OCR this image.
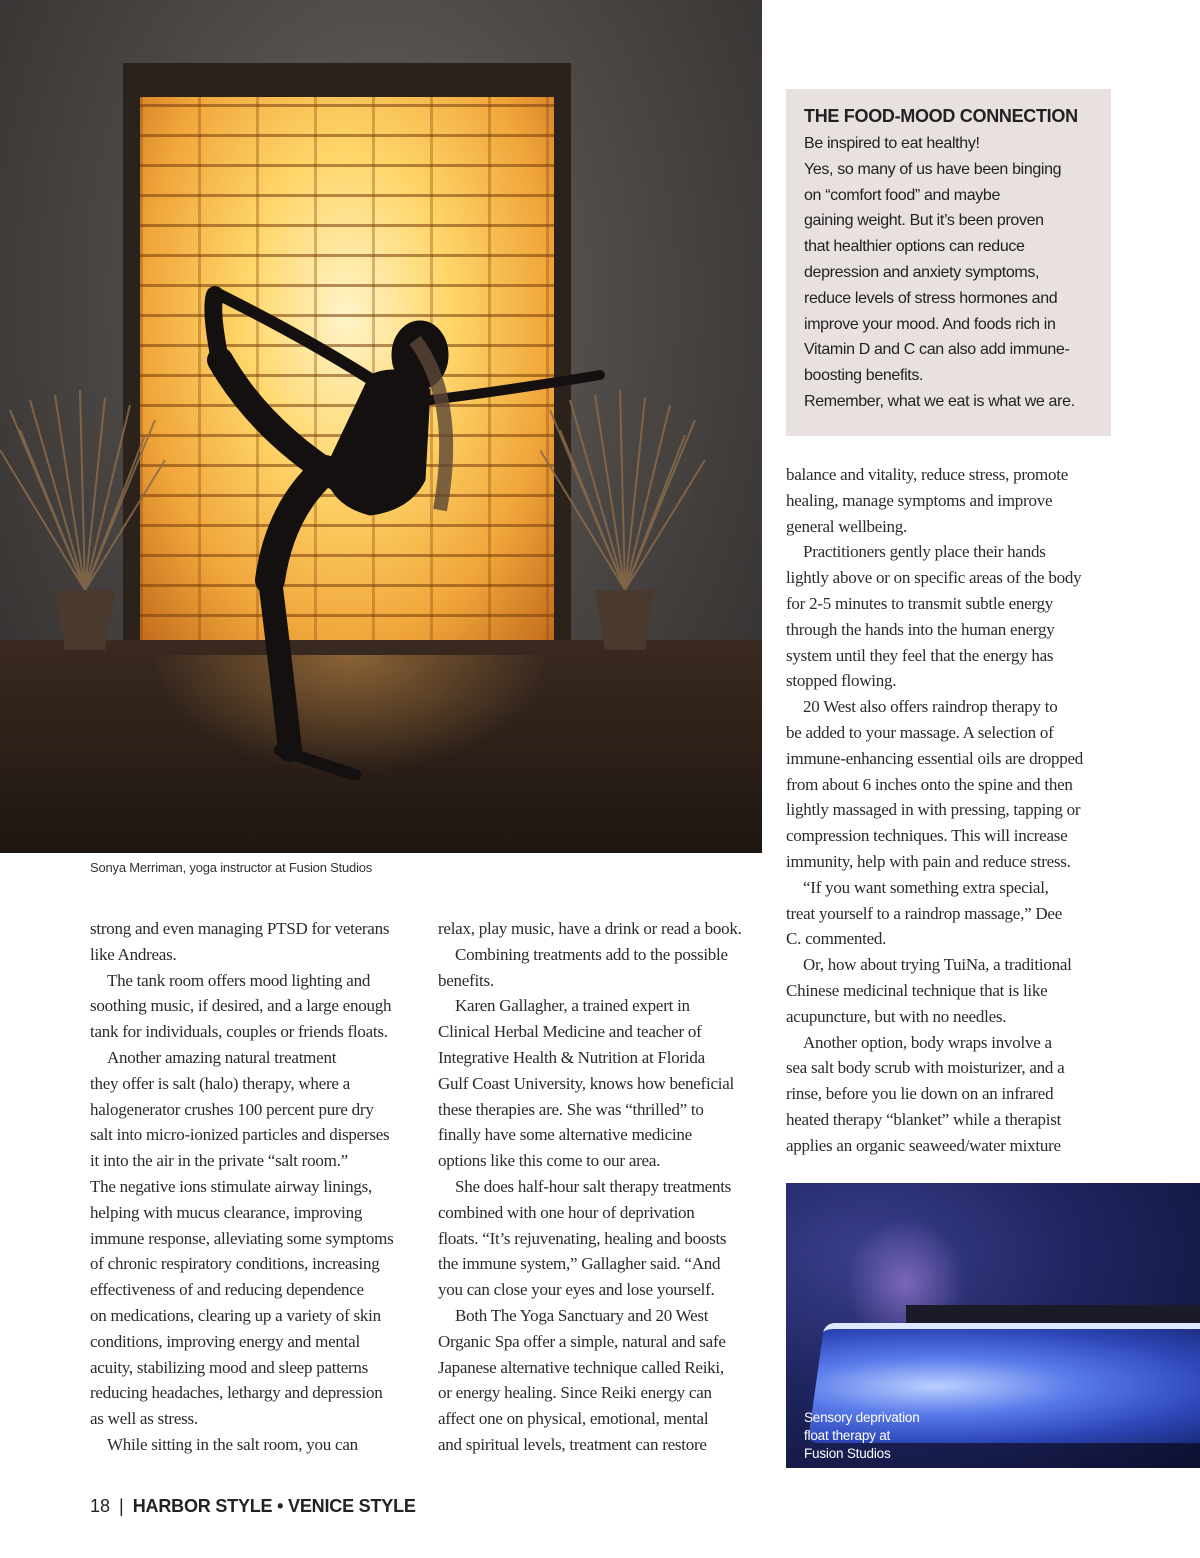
Sonya Merriman, yoga instructor at Fusion Studios
THE FOOD-MOOD CONNECTION
Be inspired to eat healthy!
Yes, so many of us have been binging
on “comfort food” and maybe
gaining weight. But it’s been proven
that healthier options can reduce
depression and anxiety symptoms,
reduce levels of stress hormones and
improve your mood. And foods rich in
Vitamin D and C can also add immune-
boosting benefits.
Remember, what we eat is what we are.
strong and even managing PTSD for veterans
like Andreas.
The tank room offers mood lighting and
soothing music, if desired, and a large enough
tank for individuals, couples or friends floats.
Another amazing natural treatment
they offer is salt (halo) therapy, where a
halogenerator crushes 100 percent pure dry
salt into micro-ionized particles and disperses
it into the air in the private “salt room.”
The negative ions stimulate airway linings,
helping with mucus clearance, improving
immune response, alleviating some symptoms
of chronic respiratory conditions, increasing
effectiveness of and reducing dependence
on medications, clearing up a variety of skin
conditions, improving energy and mental
acuity, stabilizing mood and sleep patterns
reducing headaches, lethargy and depression
as well as stress.
While sitting in the salt room, you can
relax, play music, have a drink or read a book.
Combining treatments add to the possible
benefits.
Karen Gallagher, a trained expert in
Clinical Herbal Medicine and teacher of
Integrative Health & Nutrition at Florida
Gulf Coast University, knows how beneficial
these therapies are. She was “thrilled” to
finally have some alternative medicine
options like this come to our area.
She does half-hour salt therapy treatments
combined with one hour of deprivation
floats. “It’s rejuvenating, healing and boosts
the immune system,” Gallagher said. “And
you can close your eyes and lose yourself.
Both The Yoga Sanctuary and 20 West
Organic Spa offer a simple, natural and safe
Japanese alternative technique called Reiki,
or energy healing. Since Reiki energy can
affect one on physical, emotional, mental
and spiritual levels, treatment can restore
balance and vitality, reduce stress, promote
healing, manage symptoms and improve
general wellbeing.
Practitioners gently place their hands
lightly above or on specific areas of the body
for 2-5 minutes to transmit subtle energy
through the hands into the human energy
system until they feel that the energy has
stopped flowing.
20 West also offers raindrop therapy to
be added to your massage. A selection of
immune-enhancing essential oils are dropped
from about 6 inches onto the spine and then
lightly massaged in with pressing, tapping or
compression techniques. This will increase
immunity, help with pain and reduce stress.
“If you want something extra special,
treat yourself to a raindrop massage,” Dee
C. commented.
Or, how about trying TuiNa, a traditional
Chinese medicinal technique that is like
acupuncture, but with no needles.
Another option, body wraps involve a
sea salt body scrub with moisturizer, and a
rinse, before you lie down on an infrared
heated therapy “blanket” while a therapist
applies an organic seaweed/water mixture
Sensory deprivation
float therapy at
Fusion Studios
18 | HARBOR STYLE • VENICE STYLE
